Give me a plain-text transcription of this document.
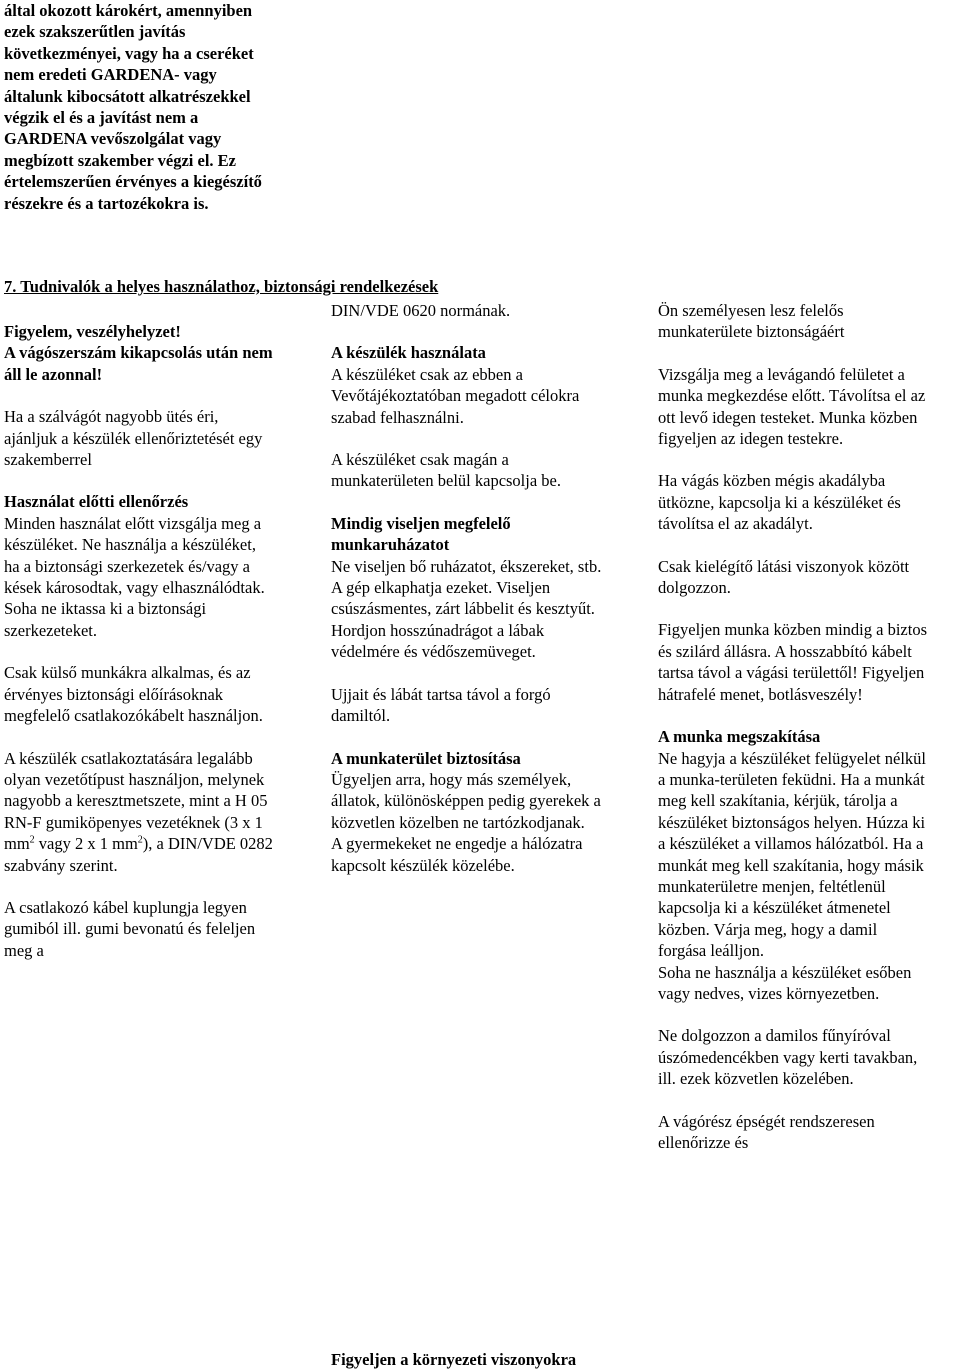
által okozott károkért, amennyiben

ezek szakszerűtlen javítás

következményei, vagy ha a cseréket

nem eredeti GARDENA- vagy

általunk kibocsátott alkatrészekkel

végzik el és a javítást nem a

GARDENA vevőszolgálat vagy

megbízott szakember végzi el. Ez

értelemszerűen érvényes a kiegészítő

részekre és a tartozékokra is.

7. Tudnivalók a helyes használathoz, biztonsági rendelkezések

Figyelem, veszélyhelyzet!

A vágószerszám kikapcsolás után nem

áll le azonnal!

Ha a szálvágót nagyobb ütés éri,

ajánljuk a készülék ellenőriztetését egy

szakemberrel

Használat előtti ellenőrzés

Minden használat előtt vizsgálja meg a

készüléket. Ne használja a készüléket,

ha a biztonsági szerkezetek és/vagy a

kések károsodtak, vagy elhasználódtak.

Soha ne iktassa ki a biztonsági

szerkezeteket.

Csak külső munkákra alkalmas, és az

érvényes biztonsági előírásoknak

megfelelő csatlakozókábelt használjon.

A készülék csatlakoztatására legalább

olyan vezetőtípust használjon, melynek

nagyobb a keresztmetszete, mint a H 05

RN-F gumiköpenyes vezetéknek (3 x 1

$mm^2$ vagy 2 x 1 $mm^2$), a DIN/VDE 0282

szabvány szerint.

A csatlakozó kábel kuplungja legyen

gumiból ill. gumi bevonatú és feleljen

meg a

DIN/VDE 0620 normának.

A készülék használata

A készüléket csak az ebben a

Vevőtájékoztatóban megadott célokra

szabad felhasználni.

A készüléket csak magán a

munkaterületen belül kapcsolja be.

Mindig viseljen megfelelő

munkaruházatot

Ne viseljen bő ruházatot, ékszereket, stb.

A gép elkaphatja ezeket. Viseljen

csúszásmentes, zárt lábbelit és kesztyűt.

Hordjon hosszúnadrágot a lábak

védelmére és védőszemüveget.

Ujjait és lábát tartsa távol a forgó

damiltól.

A munkaterület biztosítása

Ügyeljen arra, hogy más személyek,

állatok, különösképpen pedig gyerekek a

közvetlen közelben ne tartózkodjanak.

A gyermekeket ne engedje a hálózatra

kapcsolt készülék közelébe.

Ön személyesen lesz felelős

munkaterülete biztonságáért

Vizsgálja meg a levágandó felületet a

munka megkezdése előtt. Távolítsa el az

ott levő idegen testeket. Munka közben

figyeljen az idegen testekre.

Ha vágás közben mégis akadályba

ütközne, kapcsolja ki a készüléket és

távolítsa el az akadályt.

Csak kielégítő látási viszonyok között

dolgozzon.

Figyeljen munka közben mindig a biztos

és szilárd állásra. A hosszabbító kábelt

tartsa távol a vágási területtől! Figyeljen

hátrafelé menet, botlásveszély!

A munka megszakítása

Ne hagyja a készüléket felügyelet nélkül

a munka-területen feküdni. Ha a munkát

meg kell szakítania, kérjük, tárolja a

készüléket biztonságos helyen. Húzza ki

a készüléket a villamos hálózatból. Ha a

munkát meg kell szakítania, hogy másik

munkaterületre menjen, feltétlenül

kapcsolja ki a készüléket átmenetel

közben. Várja meg, hogy a damil

forgása leálljon.

Soha ne használja a készüléket esőben

vagy nedves, vizes környezetben.

Ne dolgozzon a damilos fűnyíróval

úszómedencékben vagy kerti tavakban,

ill. ezek közvetlen közelében.

A vágórész épségét rendszeresen

ellenőrizze és

Figyeljen a környezeti viszonyokra
